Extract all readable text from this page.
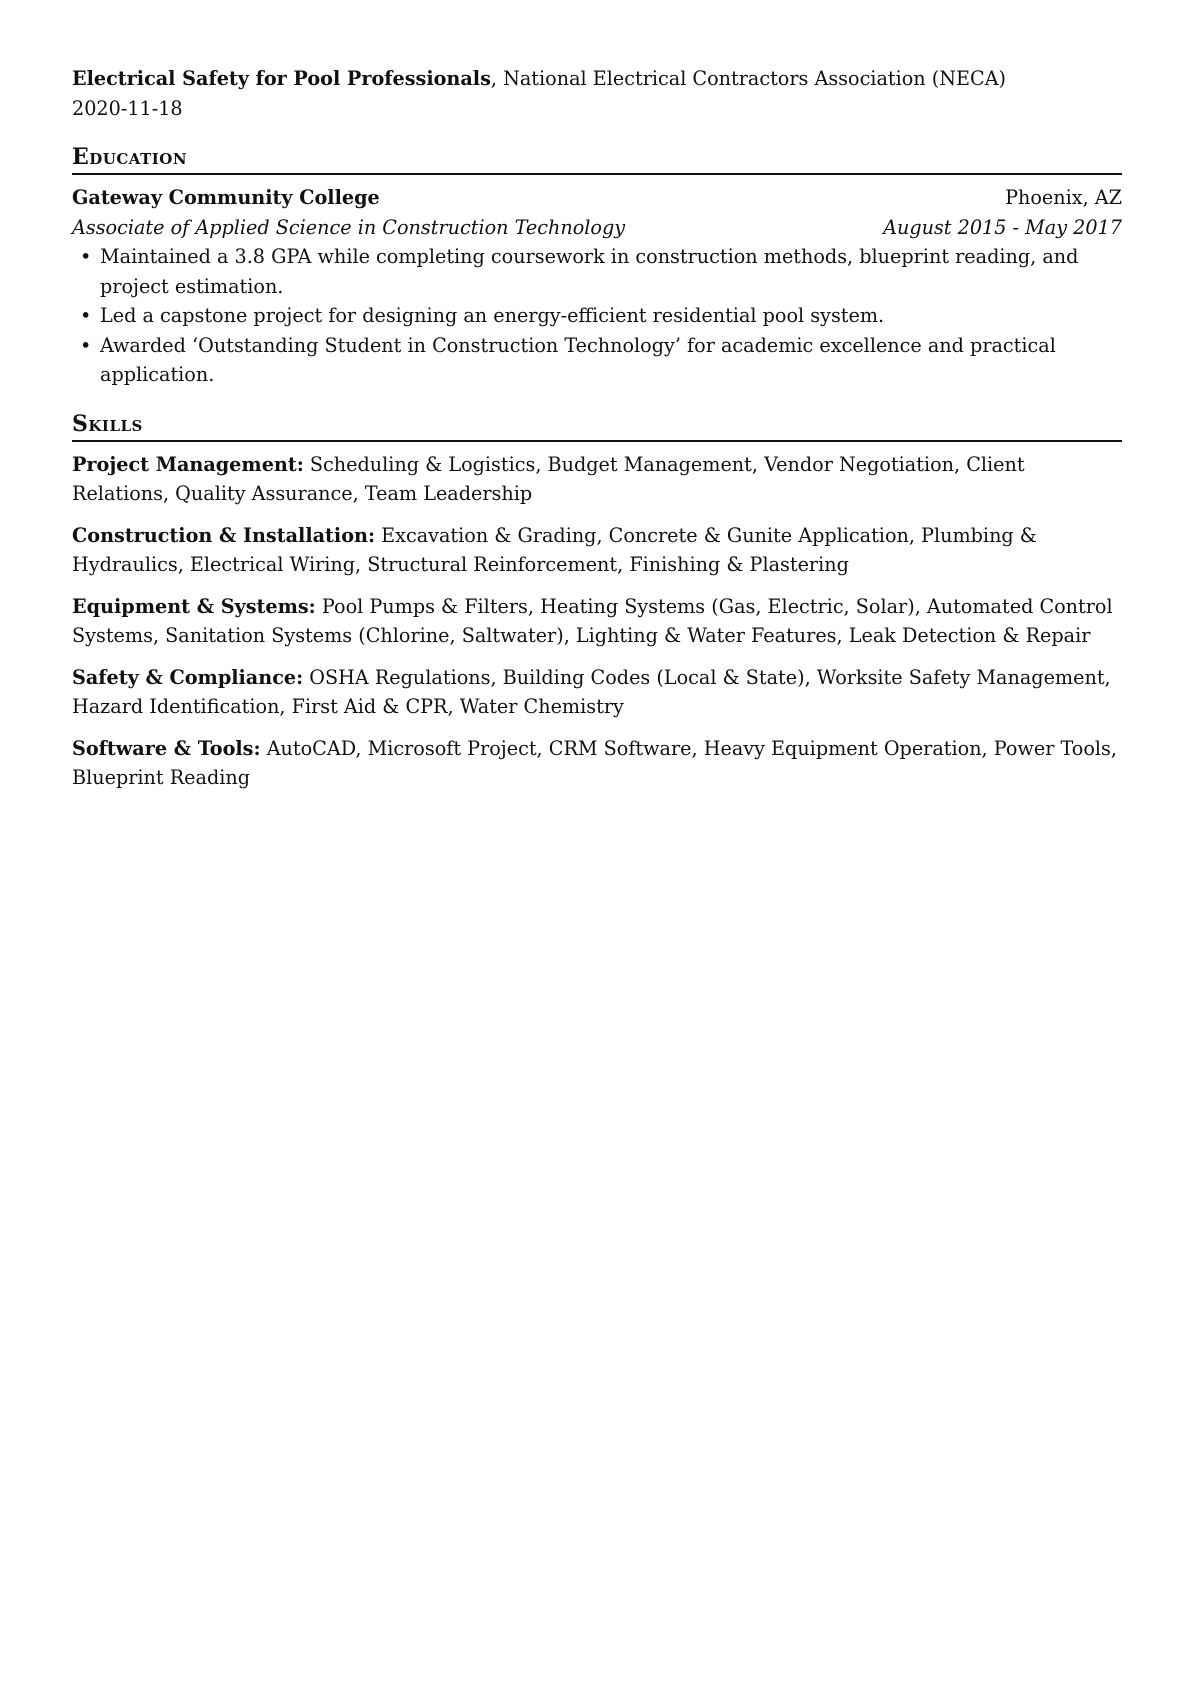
Electrical Safety for Pool Professionals, National Electrical Contractors Association (NECA)
2020-11-18
Education
Gateway Community College	Phoenix, AZ
Associate of Applied Science in Construction Technology	August 2015 - May 2017
• Maintained a 3.8 GPA while completing coursework in construction methods, blueprint reading, and project estimation.
• Led a capstone project for designing an energy-efficient residential pool system.
• Awarded ‘Outstanding Student in Construction Technology’ for academic excellence and practical application.
Skills
Project Management: Scheduling & Logistics, Budget Management, Vendor Negotiation, Client Relations, Quality Assurance, Team Leadership
Construction & Installation: Excavation & Grading, Concrete & Gunite Application, Plumbing & Hydraulics, Electrical Wiring, Structural Reinforcement, Finishing & Plastering
Equipment & Systems: Pool Pumps & Filters, Heating Systems (Gas, Electric, Solar), Automated Control Systems, Sanitation Systems (Chlorine, Saltwater), Lighting & Water Features, Leak Detection & Repair
Safety & Compliance: OSHA Regulations, Building Codes (Local & State), Worksite Safety Management, Hazard Identification, First Aid & CPR, Water Chemistry
Software & Tools: AutoCAD, Microsoft Project, CRM Software, Heavy Equipment Operation, Power Tools, Blueprint Reading
